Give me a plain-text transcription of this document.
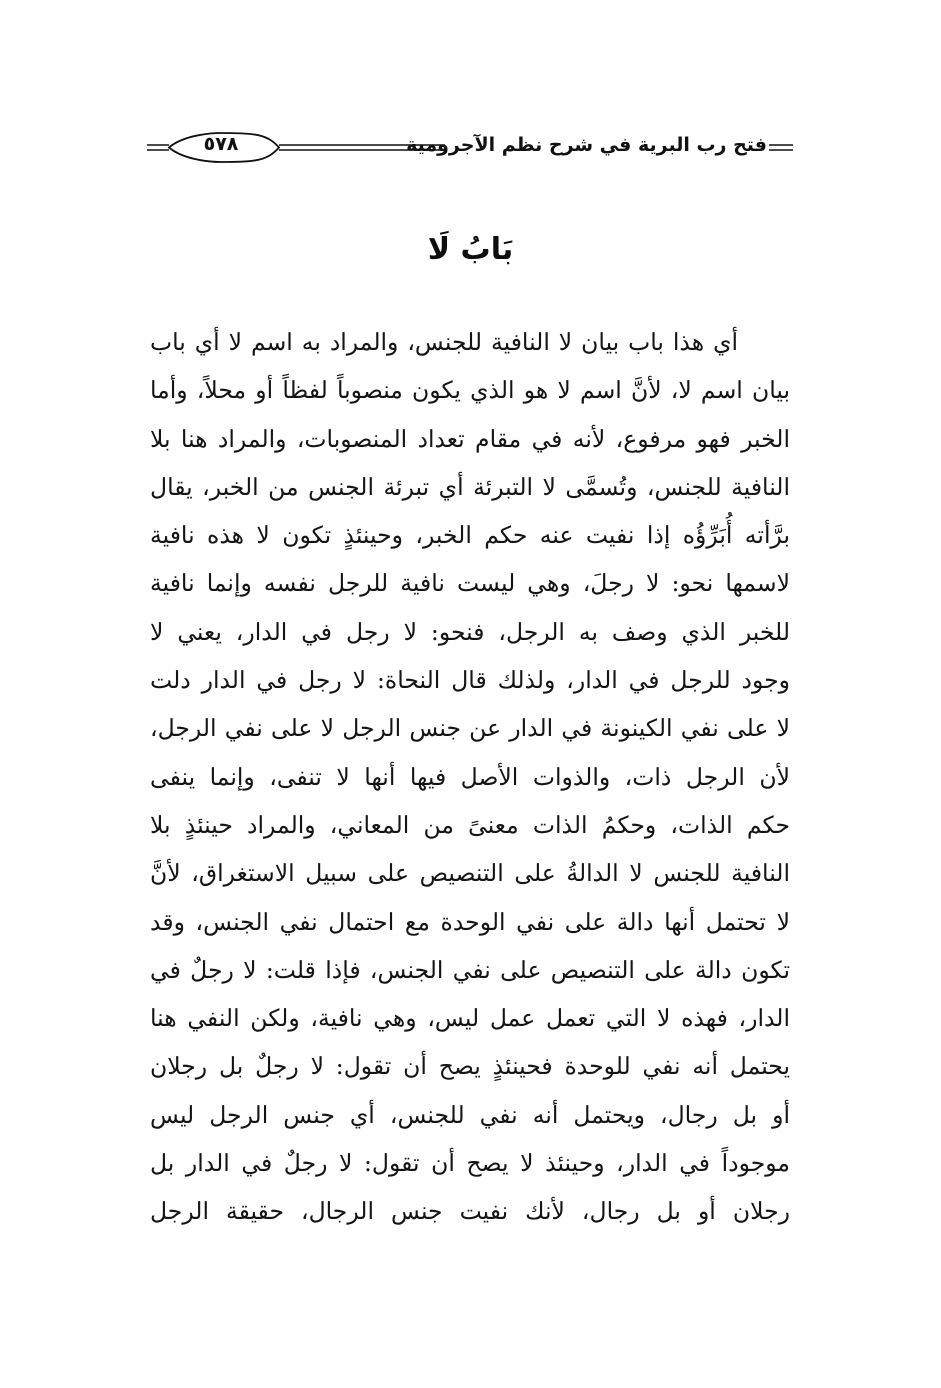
فتح رب البرية في شرح نظم الآجرومية
٥٧٨
بَابُ لَا
أي هذا باب بيان لا النافية للجنس، والمراد به اسم لا أي باب
بيان اسم لا، لأنَّ اسم لا هو الذي يكون منصوباً لفظاً أو محلاً، وأما
الخبر فهو مرفوع، لأنه في مقام تعداد المنصوبات، والمراد هنا بلا
النافية للجنس، وتُسمَّى لا التبرئة أي تبرئة الجنس من الخبر، يقال
برَّأته أُبَرِّؤُه إذا نفيت عنه حكم الخبر، وحينئذٍ تكون لا هذه نافية
لاسمها نحو: لا رجلَ، وهي ليست نافية للرجل نفسه وإنما نافية
للخبر الذي وصف به الرجل، فنحو: لا رجل في الدار، يعني لا
وجود للرجل في الدار، ولذلك قال النحاة: لا رجل في الدار دلت
لا على نفي الكينونة في الدار عن جنس الرجل لا على نفي الرجل،
لأن الرجل ذات، والذوات الأصل فيها أنها لا تنفى، وإنما ينفى
حكم الذات، وحكمُ الذات معنىً من المعاني، والمراد حينئذٍ بلا
النافية للجنس لا الدالةُ على التنصيص على سبيل الاستغراق، لأنَّ
لا تحتمل أنها دالة على نفي الوحدة مع احتمال نفي الجنس، وقد
تكون دالة على التنصيص على نفي الجنس، فإذا قلت: لا رجلٌ في
الدار، فهذه لا التي تعمل عمل ليس، وهي نافية، ولكن النفي هنا
يحتمل أنه نفي للوحدة فحينئذٍ يصح أن تقول: لا رجلٌ بل رجلان
أو بل رجال، ويحتمل أنه نفي للجنس، أي جنس الرجل ليس
موجوداً في الدار، وحينئذ لا يصح أن تقول: لا رجلٌ في الدار بل
رجلان أو بل رجال، لأنك نفيت جنس الرجال، حقيقة الرجل
